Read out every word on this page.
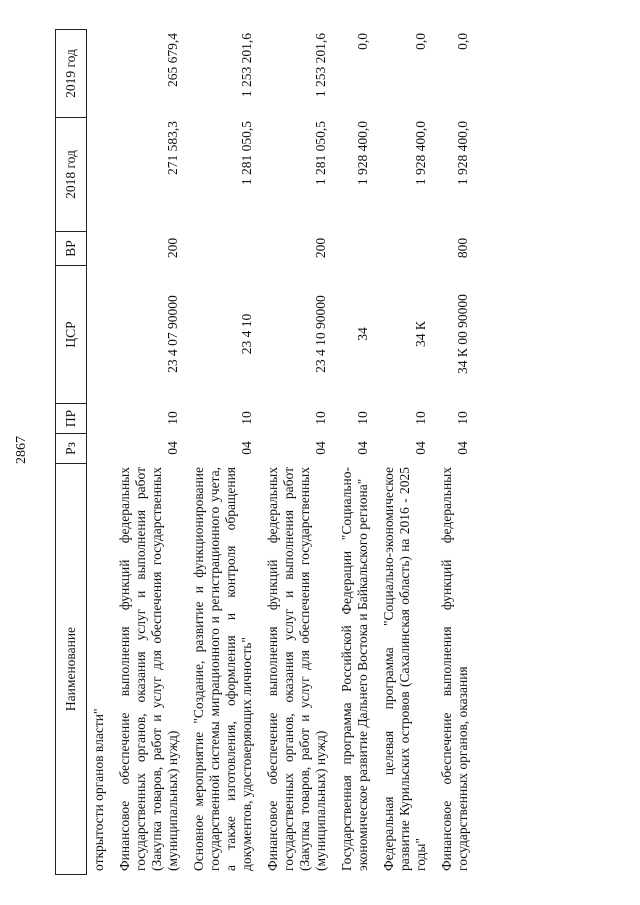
2867
Наименование
Рз
ПР
ЦСР
ВР
2018 год
2019 год
открытости органов власти" Финансовое обеспечение выполнения функций федеральных государственных органов, оказания услуг и выполнения работ (Закупка товаров, работ и услуг для обеспечения государственных (муниципальных) нужд)
04
10
23 4 07 90000
200
271 583,3
265 679,4
Основное мероприятие "Создание, развитие и функционирование государственной системы миграционного и регистрационного учета, а также изготовления, оформления и контроля обращения документов, удостоверяющих личность"
04
10
23 4 10
1 281 050,5
1 253 201,6
Финансовое обеспечение выполнения функций федеральных государственных органов, оказания услуг и выполнения работ (Закупка товаров, работ и услуг для обеспечения государственных (муниципальных) нужд)
04
10
23 4 10 90000
200
1 281 050,5
1 253 201,6
Государственная программа Российской Федерации "Социально-экономическое развитие Дальнего Востока и Байкальского региона"
04
10
34
1 928 400,0
0,0
Федеральная целевая программа "Социально-экономическое развитие Курильских островов (Сахалинская область) на 2016 - 2025 годы"
04
10
34 К
1 928 400,0
0,0
Финансовое обеспечение выполнения функций федеральных государственных органов, оказания
04
10
34 К 00 90000
800
1 928 400,0
0,0
